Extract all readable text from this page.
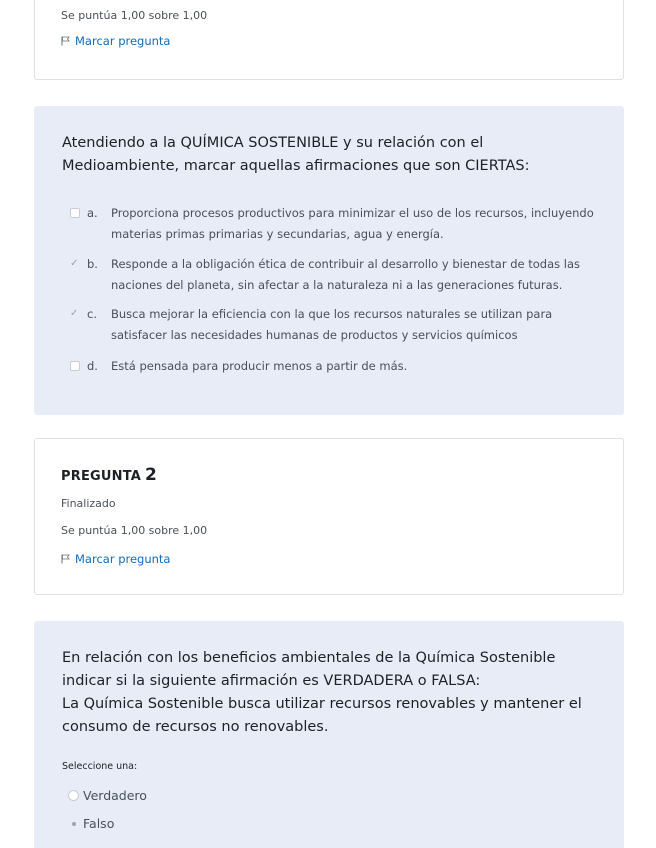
Se puntúa 1,00 sobre 1,00
Marcar pregunta
Atendiendo a la QUÍMICA SOSTENIBLE y su relación con el Medioambiente, marcar aquellas afirmaciones que son CIERTAS:
a. Proporciona procesos productivos para minimizar el uso de los recursos, incluyendo materias primas primarias y secundarias, agua y energía.
✓ b. Responde a la obligación ética de contribuir al desarrollo y bienestar de todas las naciones del planeta, sin afectar a la naturaleza ni a las generaciones futuras.
✓ c. Busca mejorar la eficiencia con la que los recursos naturales se utilizan para satisfacer las necesidades humanas de productos y servicios químicos
d. Está pensada para producir menos a partir de más.
PREGUNTA 2
Finalizado
Se puntúa 1,00 sobre 1,00
Marcar pregunta
En relación con los beneficios ambientales de la Química Sostenible indicar si la siguiente afirmación es VERDADERA o FALSA:
La Química Sostenible busca utilizar recursos renovables y mantener el consumo de recursos no renovables.
Seleccione una:
Verdadero
Falso
